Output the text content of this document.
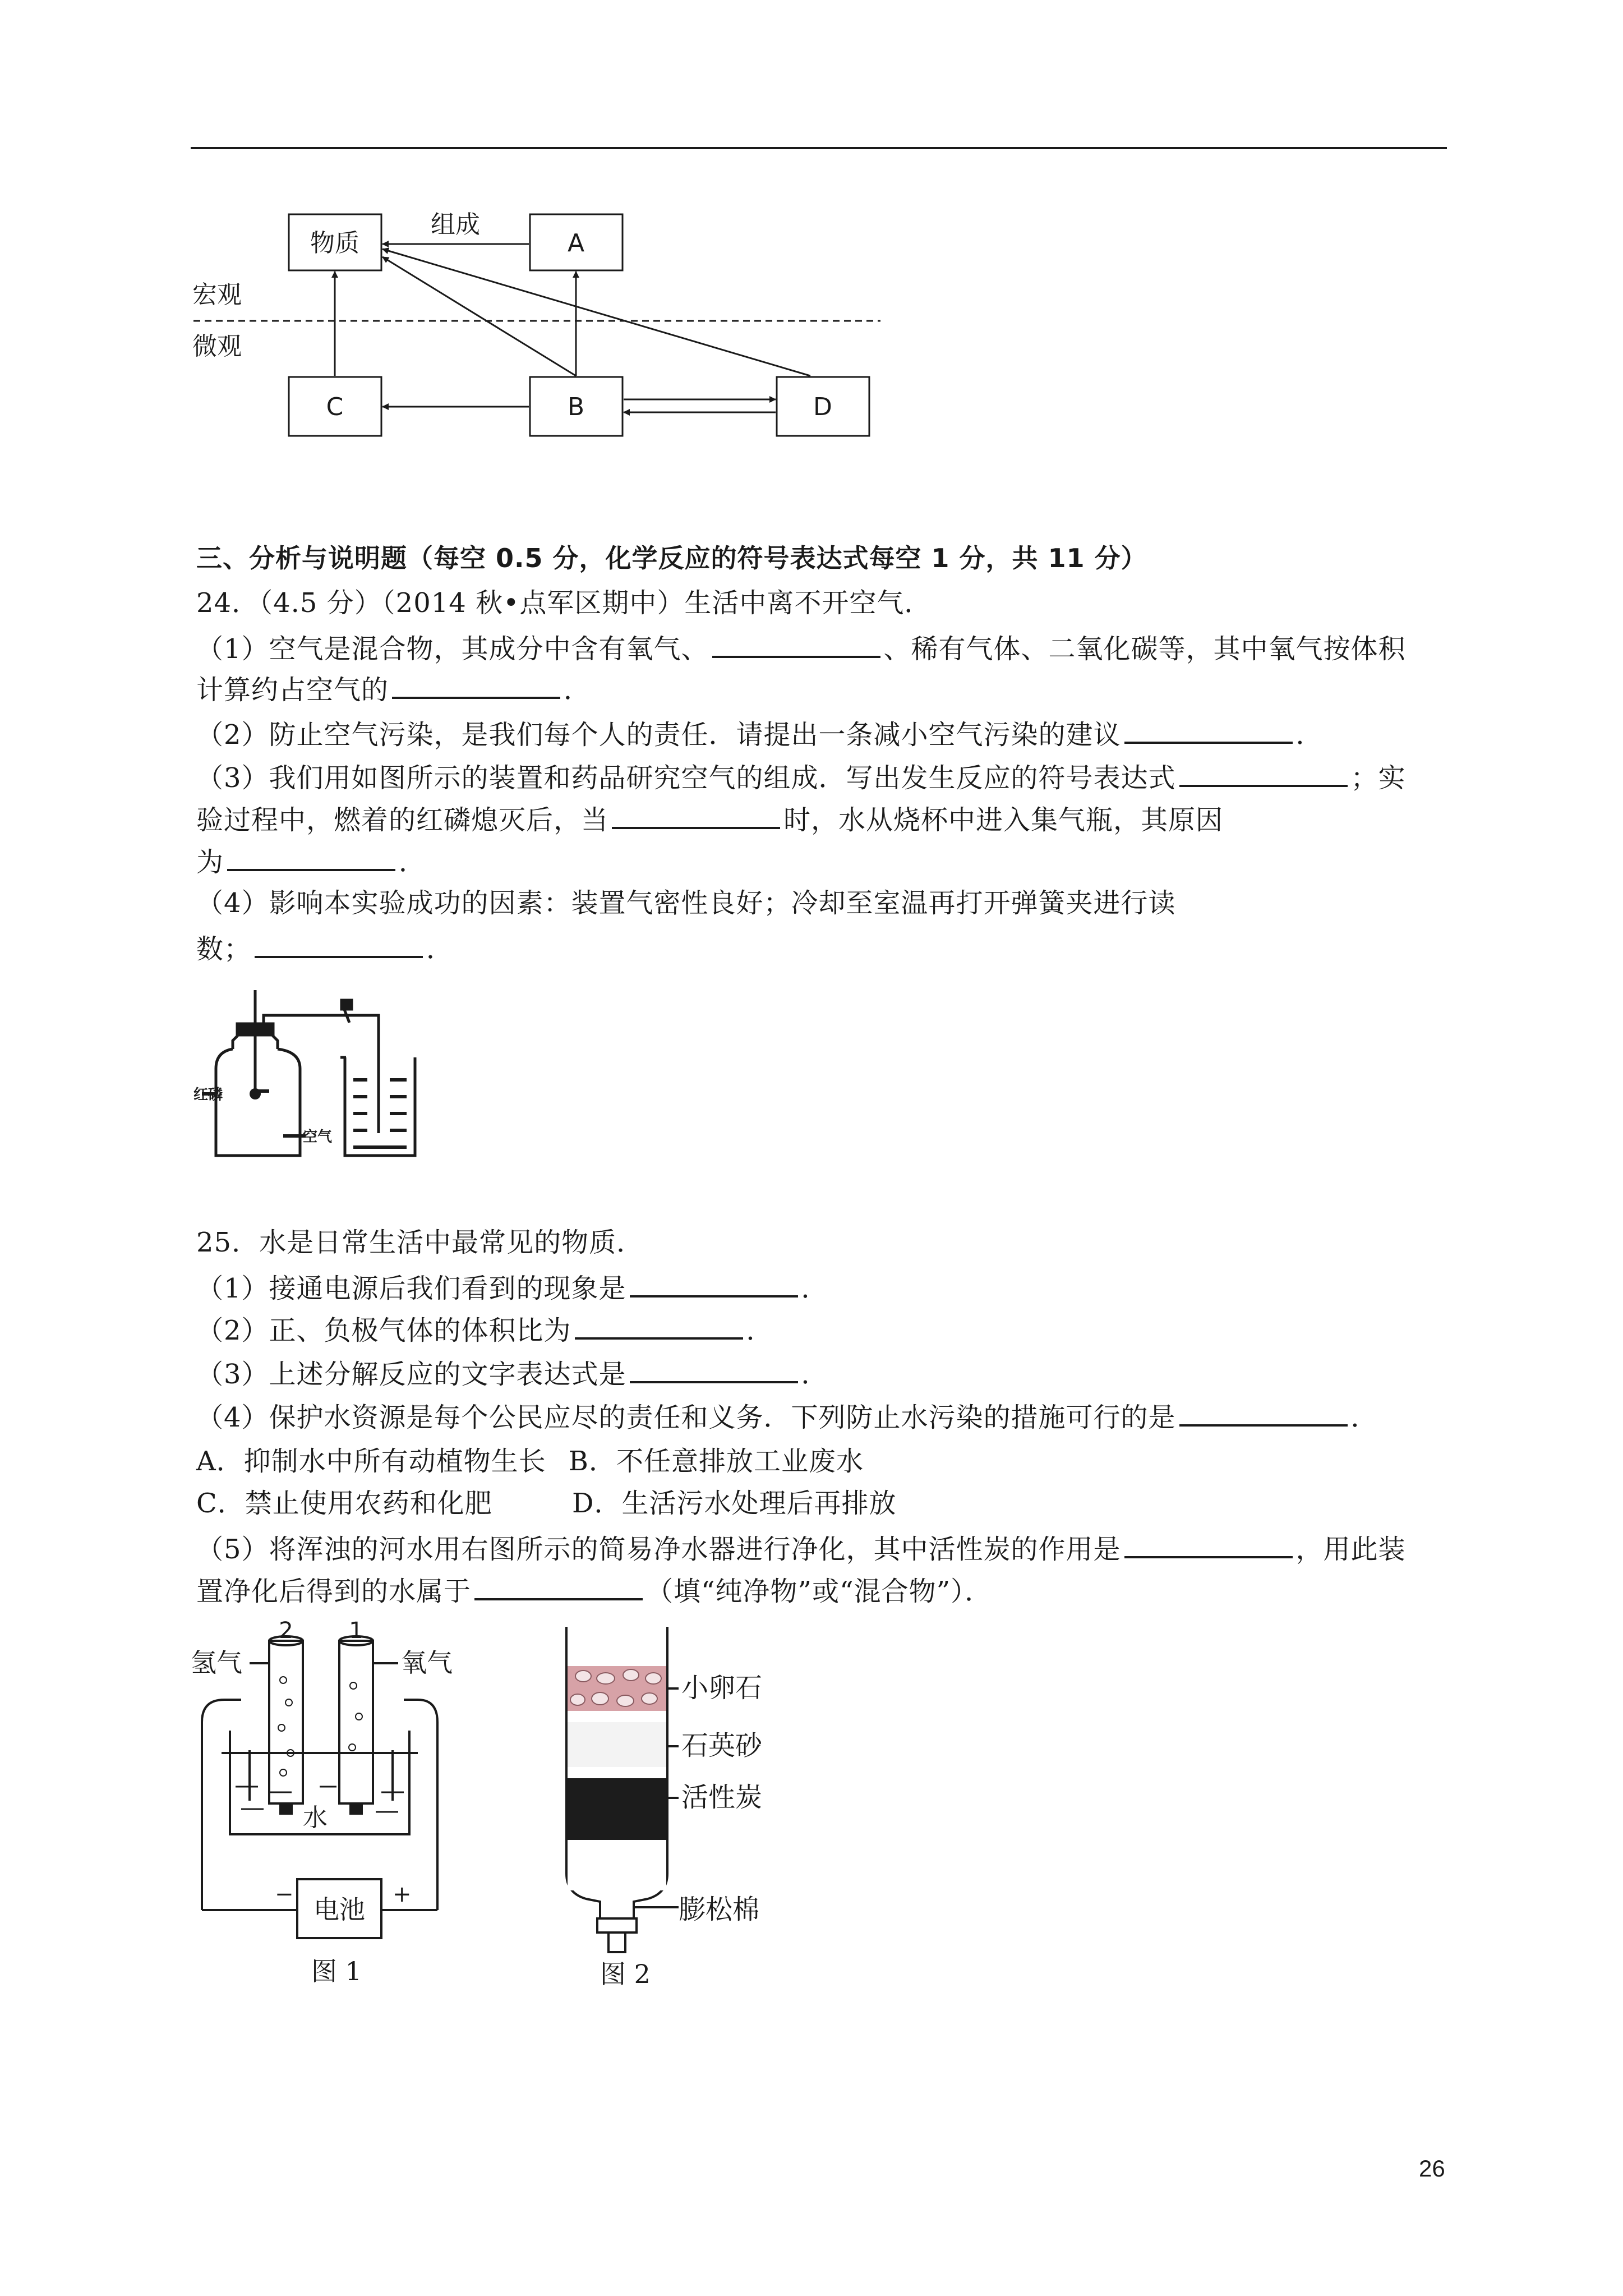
物质	A
C	B	D
组成
宏观
微观
三、分析与说明题（每空 0.5 分，化学反应的符号表达式每空 1 分，共 11 分）
24．（4.5 分）（2014 秋•点军区期中）生活中离不开空气．
（1）空气是混合物，其成分中含有氧气、	、稀有气体、二氧化碳等，其中氧气按体积
计算约占空气的	．
（2）防止空气污染，是我们每个人的责任．请提出一条减小空气污染的建议	．
（3）我们用如图所示的装置和药品研究空气的组成．写出发生反应的符号表达式	；实
验过程中，燃着的红磷熄灭后，当	时，水从烧杯中进入集气瓶，其原因
为	．
（4）影响本实验成功的因素：装置气密性良好；冷却至室温再打开弹簧夹进行读
数；	．
红磷
空气
25．水是日常生活中最常见的物质．
（1）接通电源后我们看到的现象是	．
（2）正、负极气体的体积比为	．
（3）上述分解反应的文字表达式是	．
（4）保护水资源是每个公民应尽的责任和义务．下列防止水污染的措施可行的是	．
A．抑制水中所有动植物生长 B．不任意排放工业废水
C．禁止使用农药和化肥	D．生活污水处理后再排放
（5）将浑浊的河水用右图所示的简易净水器进行净化，其中活性炭的作用是	，用此装
置净化后得到的水属于	（填“纯净物”或“混合物”）．
氢气	氧气
2 1
水
电池
−	+
图 1
小卵石
石英砂
活性炭
膨松棉
图 2
26
